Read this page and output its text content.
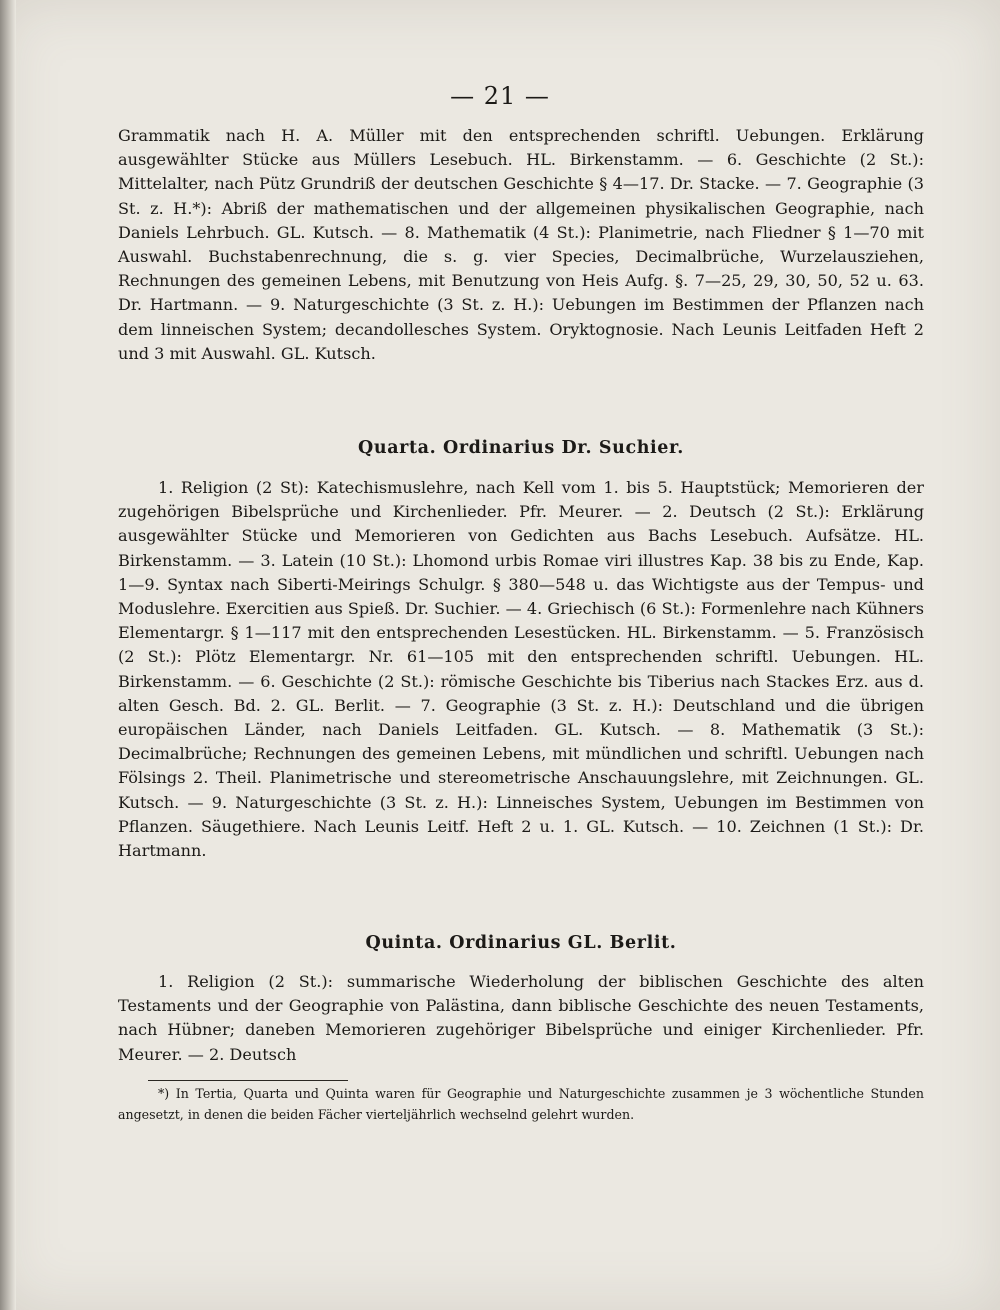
— 21 —

Grammatik nach H. A. Müller mit den entsprechenden schriftl. Uebungen. Erklärung ausgewählter Stücke aus Müllers Lesebuch. HL. Birkenstamm. — 6. Geschichte (2 St.): Mittelalter, nach Pütz Grundriß der deutschen Geschichte § 4—17. Dr. Stacke. — 7. Geographie (3 St. z. H.*): Abriß der mathematischen und der allgemeinen physikalischen Geographie, nach Daniels Lehrbuch. GL. Kutsch. — 8. Mathematik (4 St.): Planimetrie, nach Fliedner § 1—70 mit Auswahl. Buchstabenrechnung, die s. g. vier Species, Decimalbrüche, Wurzelausziehen, Rechnungen des gemeinen Lebens, mit Benutzung von Heis Aufg. §. 7—25, 29, 30, 50, 52 u. 63. Dr. Hartmann. — 9. Naturgeschichte (3 St. z. H.): Uebungen im Bestimmen der Pflanzen nach dem linneischen System; decandollesches System. Oryktognosie. Nach Leunis Leitfaden Heft 2 und 3 mit Auswahl. GL. Kutsch.

Quarta. Ordinarius Dr. Suchier.

1. Religion (2 St): Katechismuslehre, nach Kell vom 1. bis 5. Hauptstück; Memorieren der zugehörigen Bibelsprüche und Kirchenlieder. Pfr. Meurer. — 2. Deutsch (2 St.): Erklärung ausgewählter Stücke und Memorieren von Gedichten aus Bachs Lesebuch. Aufsätze. HL. Birkenstamm. — 3. Latein (10 St.): Lhomond urbis Romae viri illustres Kap. 38 bis zu Ende, Kap. 1—9. Syntax nach Siberti-Meirings Schulgr. § 380—548 u. das Wichtigste aus der Tempus- und Moduslehre. Exercitien aus Spieß. Dr. Suchier. — 4. Griechisch (6 St.): Formenlehre nach Kühners Elementargr. § 1—117 mit den entsprechenden Lesestücken. HL. Birkenstamm. — 5. Französisch (2 St.): Plötz Elementargr. Nr. 61—105 mit den entsprechenden schriftl. Uebungen. HL. Birkenstamm. — 6. Geschichte (2 St.): römische Geschichte bis Tiberius nach Stackes Erz. aus d. alten Gesch. Bd. 2. GL. Berlit. — 7. Geographie (3 St. z. H.): Deutschland und die übrigen europäischen Länder, nach Daniels Leitfaden. GL. Kutsch. — 8. Mathematik (3 St.): Decimalbrüche; Rechnungen des gemeinen Lebens, mit mündlichen und schriftl. Uebungen nach Fölsings 2. Theil. Planimetrische und stereometrische Anschauungslehre, mit Zeichnungen. GL. Kutsch. — 9. Naturgeschichte (3 St. z. H.): Linneisches System, Uebungen im Bestimmen von Pflanzen. Säugethiere. Nach Leunis Leitf. Heft 2 u. 1. GL. Kutsch. — 10. Zeichnen (1 St.): Dr. Hartmann.

Quinta. Ordinarius GL. Berlit.

1. Religion (2 St.): summarische Wiederholung der biblischen Geschichte des alten Testaments und der Geographie von Palästina, dann biblische Geschichte des neuen Testaments, nach Hübner; daneben Memorieren zugehöriger Bibelsprüche und einiger Kirchenlieder. Pfr. Meurer. — 2. Deutsch

*) In Tertia, Quarta und Quinta waren für Geographie und Naturgeschichte zusammen je 3 wöchentliche Stunden angesetzt, in denen die beiden Fächer vierteljährlich wechselnd gelehrt wurden.
